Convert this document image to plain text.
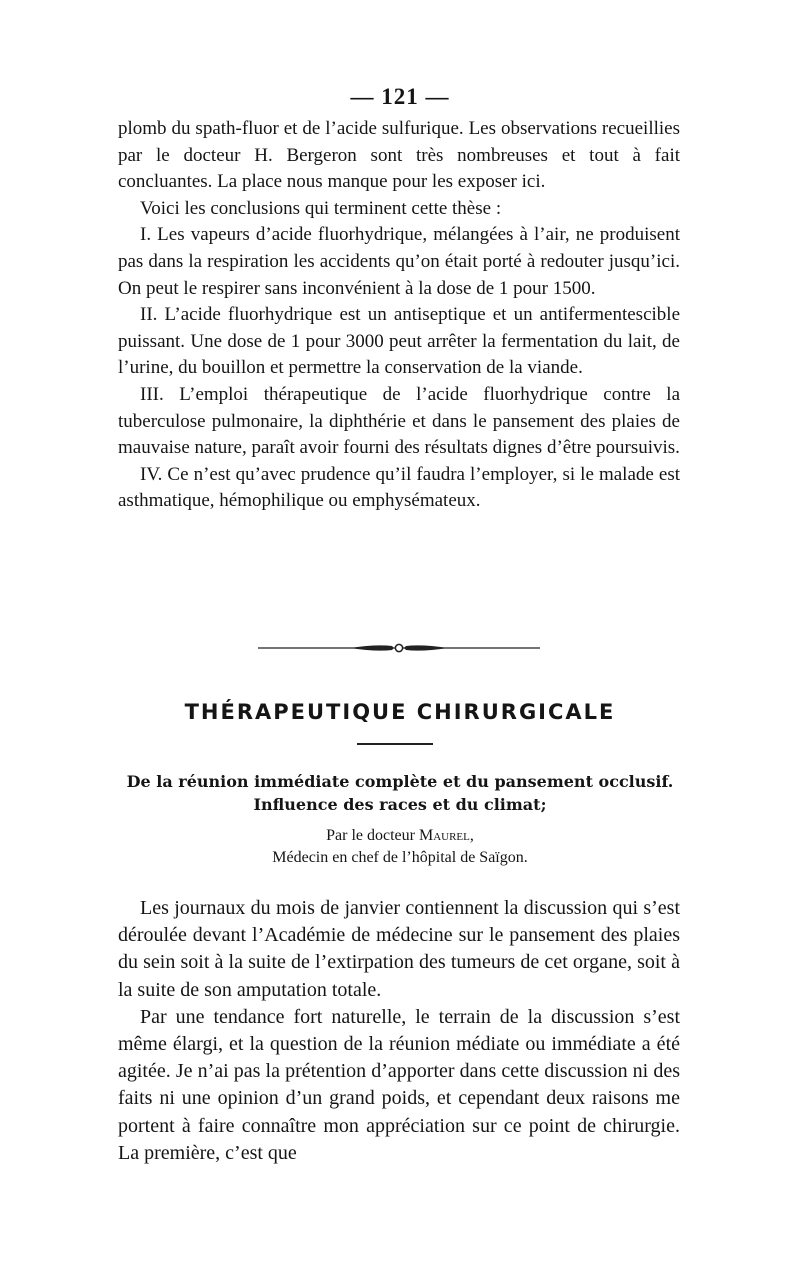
— 121 —

plomb du spath-fluor et de l’acide sulfurique. Les observations recueillies par le docteur H. Bergeron sont très nombreuses et tout à fait concluantes. La place nous manque pour les exposer ici.

Voici les conclusions qui terminent cette thèse :

I. Les vapeurs d’acide fluorhydrique, mélangées à l’air, ne produisent pas dans la respiration les accidents qu’on était porté à redouter jusqu’ici. On peut le respirer sans inconvénient à la dose de 1 pour 1500.

II. L’acide fluorhydrique est un antiseptique et un antifermentescible puissant. Une dose de 1 pour 3000 peut arrêter la fermentation du lait, de l’urine, du bouillon et permettre la conservation de la viande.

III. L’emploi thérapeutique de l’acide fluorhydrique contre la tuberculose pulmonaire, la diphthérie et dans le pansement des plaies de mauvaise nature, paraît avoir fourni des résultats dignes d’être poursuivis.

IV. Ce n’est qu’avec prudence qu’il faudra l’employer, si le malade est asthmatique, hémophilique ou emphysémateux.

THÉRAPEUTIQUE CHIRURGICALE
De la réunion immédiate complète et du pansement occlusif.
Influence des races et du climat;
Par le docteur Maurel,
Médecin en chef de l’hôpital de Saïgon.

Les journaux du mois de janvier contiennent la discussion qui s’est déroulée devant l’Académie de médecine sur le pansement des plaies du sein soit à la suite de l’extirpation des tumeurs de cet organe, soit à la suite de son amputation totale.

Par une tendance fort naturelle, le terrain de la discussion s’est même élargi, et la question de la réunion médiate ou immédiate a été agitée. Je n’ai pas la prétention d’apporter dans cette discussion ni des faits ni une opinion d’un grand poids, et cependant deux raisons me portent à faire connaître mon appréciation sur ce point de chirurgie. La première, c’est que
